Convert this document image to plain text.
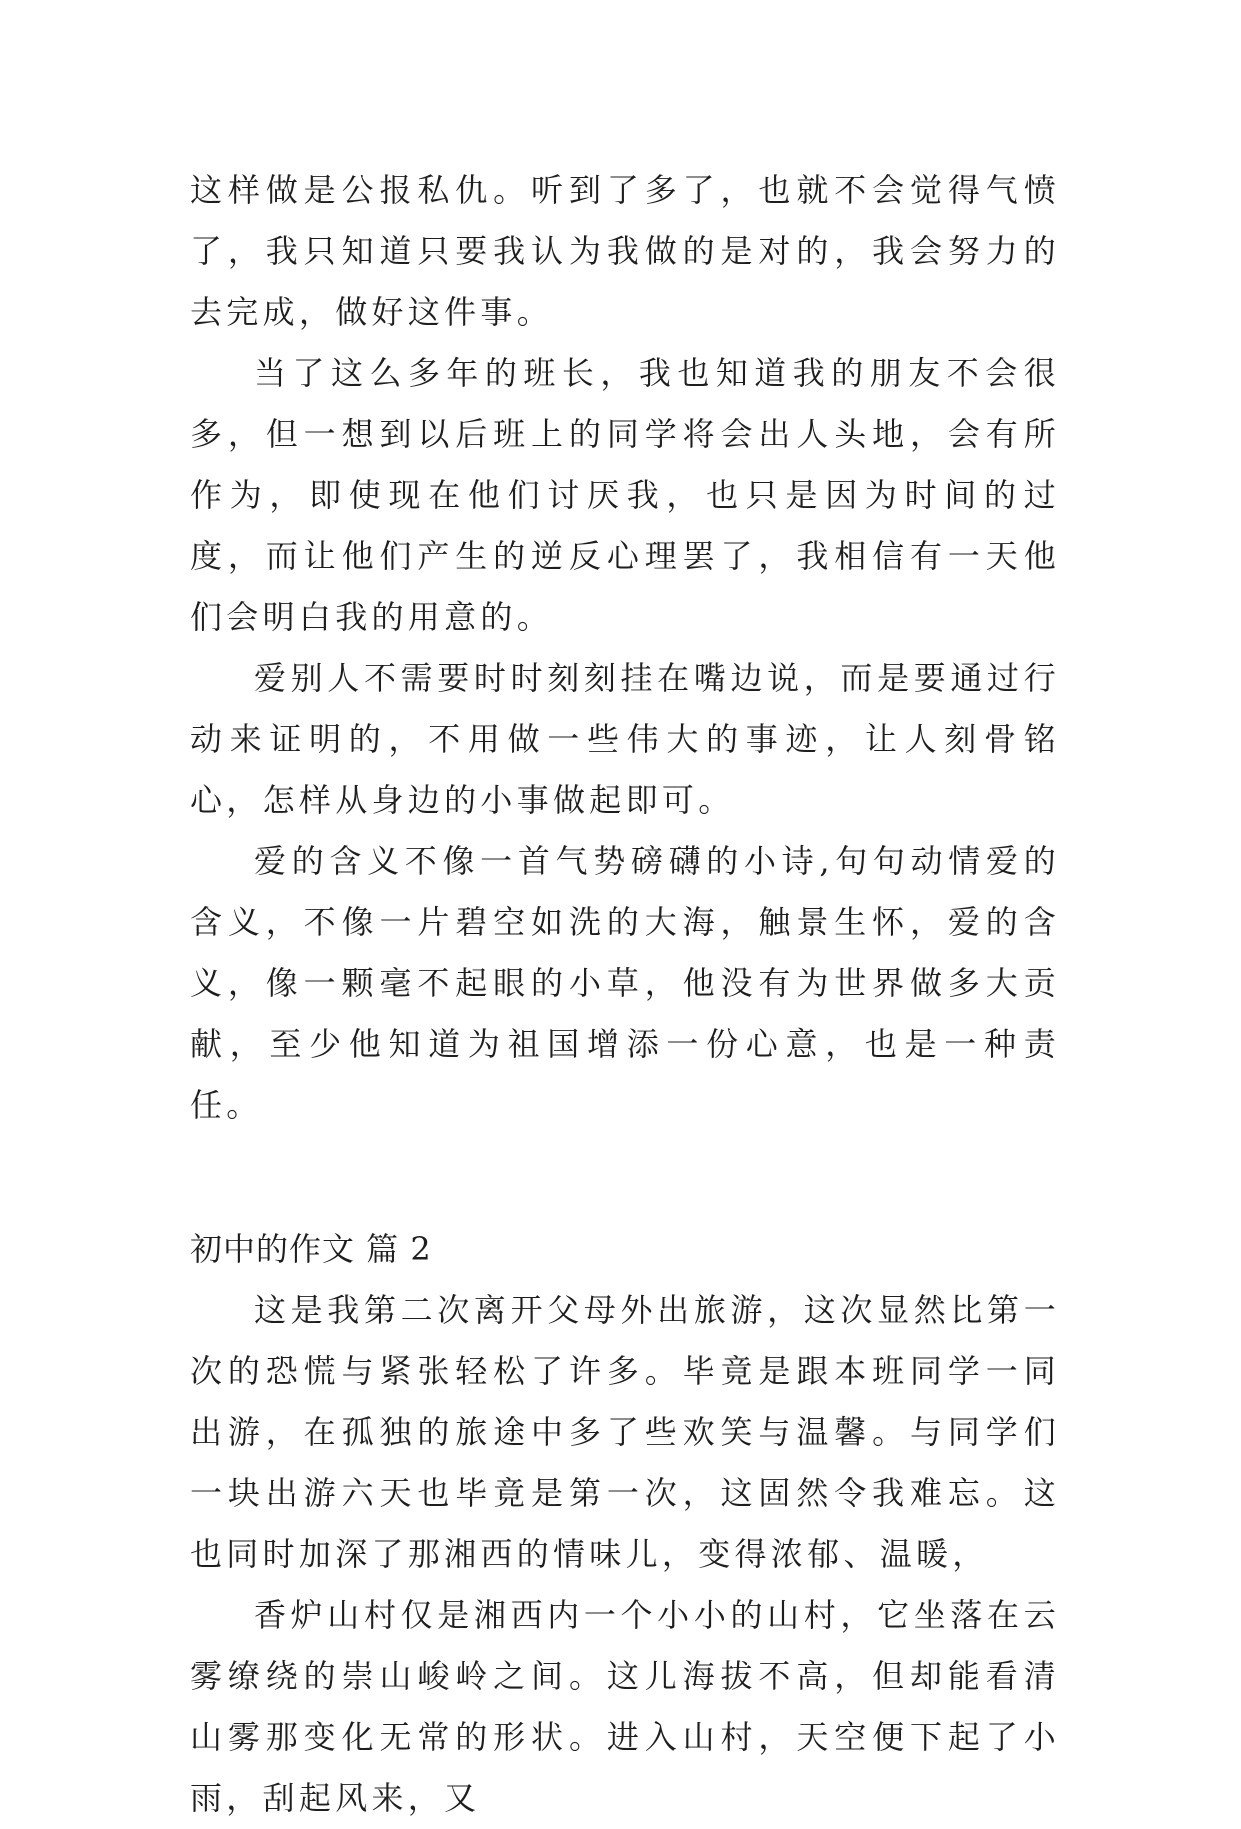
这样做是公报私仇。听到了多了，也就不会觉得气愤了，我只知道只要我认为我做的是对的，我会努力的去完成，做好这件事。

当了这么多年的班长，我也知道我的朋友不会很多，但一想到以后班上的同学将会出人头地，会有所作为，即使现在他们讨厌我，也只是因为时间的过度，而让他们产生的逆反心理罢了，我相信有一天他们会明白我的用意的。

爱别人不需要时时刻刻挂在嘴边说，而是要通过行动来证明的，不用做一些伟大的事迹，让人刻骨铭心，怎样从身边的小事做起即可。

爱的含义不像一首气势磅礴的小诗,句句动情爱的含义，不像一片碧空如洗的大海，触景生怀，爱的含义，像一颗毫不起眼的小草，他没有为世界做多大贡献，至少他知道为祖国增添一份心意，也是一种责任。

初中的作文 篇 2

这是我第二次离开父母外出旅游，这次显然比第一次的恐慌与紧张轻松了许多。毕竟是跟本班同学一同出游，在孤独的旅途中多了些欢笑与温馨。与同学们一块出游六天也毕竟是第一次，这固然令我难忘。这也同时加深了那湘西的情味儿，变得浓郁、温暖，

香炉山村仅是湘西内一个小小的山村，它坐落在云雾缭绕的崇山峻岭之间。这儿海拔不高，但却能看清山雾那变化无常的形状。进入山村，天空便下起了小雨，刮起风来，又
